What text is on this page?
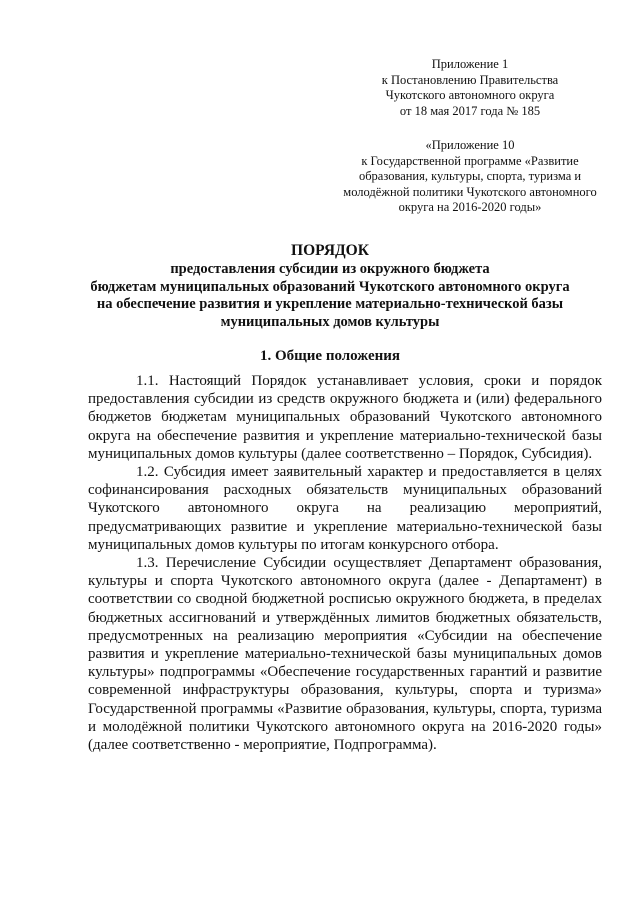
Приложение 1
к Постановлению Правительства
Чукотского автономного округа
от 18 мая 2017 года № 185
«Приложение 10
к Государственной программе «Развитие
образования, культуры, спорта, туризма и
молодёжной политики Чукотского автономного
округа на 2016-2020 годы»
ПОРЯДОК
предоставления субсидии из окружного бюджета
бюджетам муниципальных образований Чукотского автономного округа
на обеспечение развития и укрепление материально-технической базы
муниципальных домов культуры
1. Общие положения

1.1. Настоящий Порядок устанавливает условия, сроки и порядок предоставления субсидии из средств окружного бюджета и (или) федерального бюджетов бюджетам муниципальных образований Чукотского автономного округа на обеспечение развития и укрепление материально-технической базы муниципальных домов культуры (далее соответственно – Порядок, Субсидия).

1.2. Субсидия имеет заявительный характер и предоставляется в целях софинансирования расходных обязательств муниципальных образований Чукотского автономного округа на реализацию мероприятий, предусматривающих развитие и укрепление материально-технической базы муниципальных домов культуры по итогам конкурсного отбора.

1.3. Перечисление Субсидии осуществляет Департамент образования, культуры и спорта Чукотского автономного округа (далее - Департамент) в соответствии со сводной бюджетной росписью окружного бюджета, в пределах бюджетных ассигнований и утверждённых лимитов бюджетных обязательств, предусмотренных на реализацию мероприятия «Субсидии на обеспечение развития и укрепление материально-технической базы муниципальных домов культуры» подпрограммы «Обеспечение государственных гарантий и развитие современной инфраструктуры образования, культуры, спорта и туризма» Государственной программы «Развитие образования, культуры, спорта, туризма и молодёжной политики Чукотского автономного округа на 2016-2020 годы» (далее соответственно - мероприятие, Подпрограмма).
